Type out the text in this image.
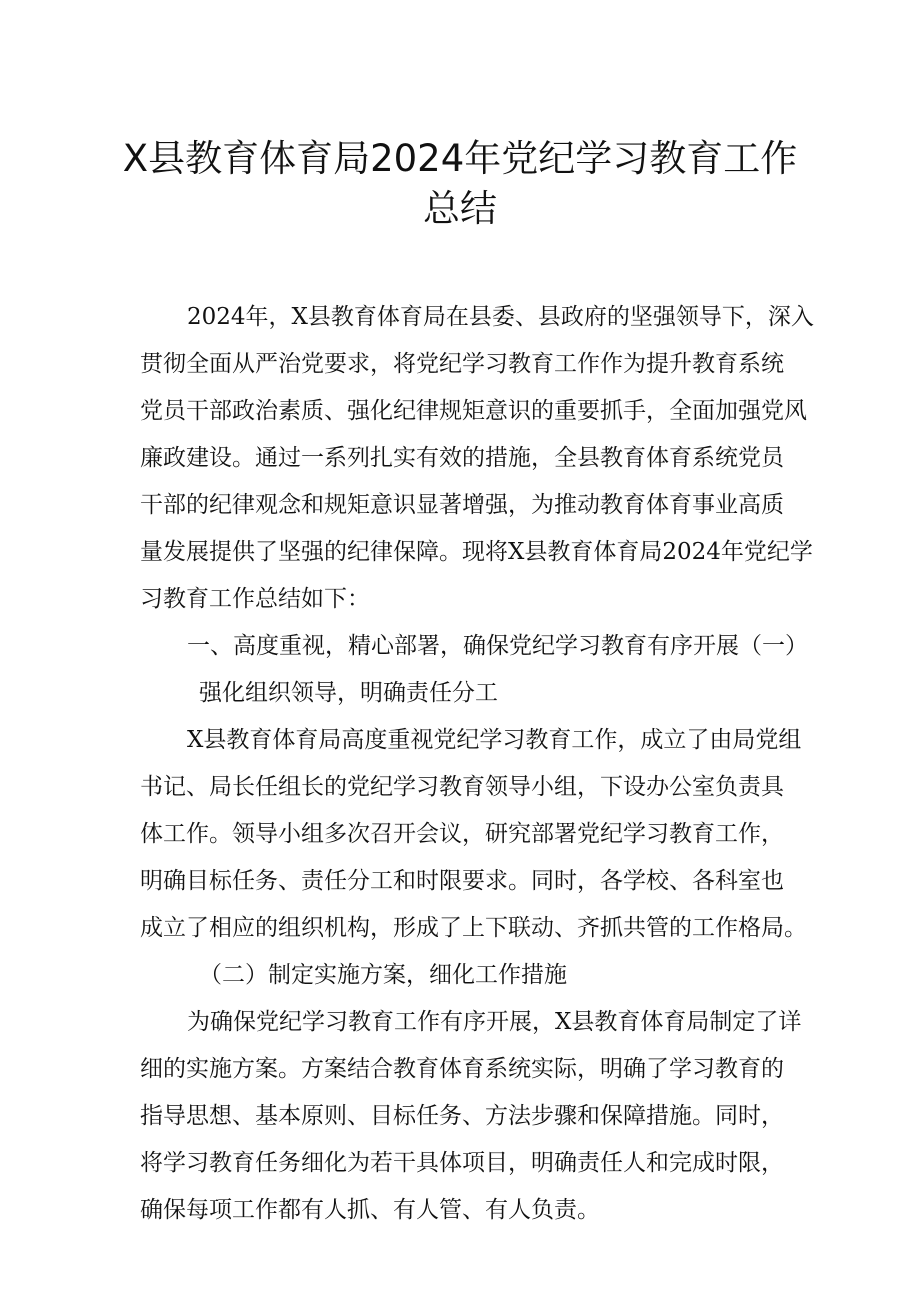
X县教育体育局2024年党纪学习教育工作
总结
2024年，X县教育体育局在县委、县政府的坚强领导下，深入
贯彻全面从严治党要求，将党纪学习教育工作作为提升教育系统
党员干部政治素质、强化纪律规矩意识的重要抓手，全面加强党风
廉政建设。通过一系列扎实有效的措施，全县教育体育系统党员
干部的纪律观念和规矩意识显著增强，为推动教育体育事业高质
量发展提供了坚强的纪律保障。现将X县教育体育局2024年党纪学
习教育工作总结如下：
一、高度重视，精心部署，确保党纪学习教育有序开展（一）
强化组织领导，明确责任分工
X县教育体育局高度重视党纪学习教育工作，成立了由局党组
书记、局长任组长的党纪学习教育领导小组，下设办公室负责具
体工作。领导小组多次召开会议，研究部署党纪学习教育工作，
明确目标任务、责任分工和时限要求。同时，各学校、各科室也
成立了相应的组织机构，形成了上下联动、齐抓共管的工作格局。
（二）制定实施方案，细化工作措施
为确保党纪学习教育工作有序开展，X县教育体育局制定了详
细的实施方案。方案结合教育体育系统实际，明确了学习教育的
指导思想、基本原则、目标任务、方法步骤和保障措施。同时，
将学习教育任务细化为若干具体项目，明确责任人和完成时限，
确保每项工作都有人抓、有人管、有人负责。
